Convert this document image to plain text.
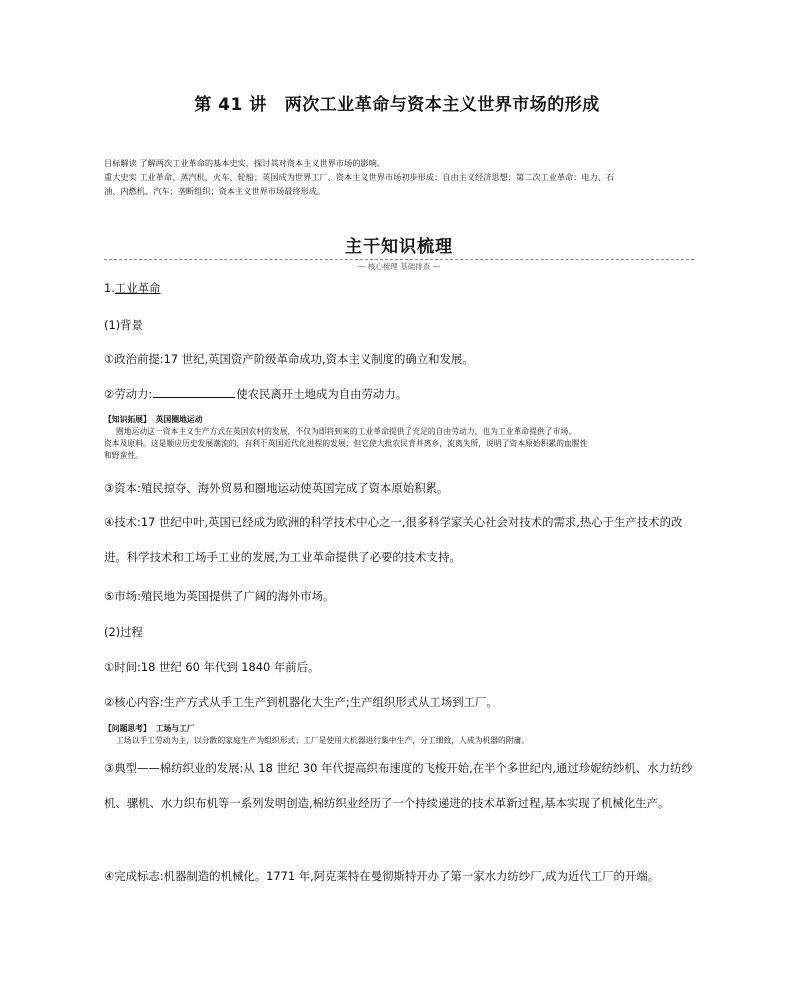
第 41 讲 两次工业革命与资本主义世界市场的形成

目标解读 了解两次工业革命的基本史实，探讨其对资本主义世界市场的影响。

重大史实 工业革命、蒸汽机、火车、轮船；英国成为世界工厂、资本主义世界市场初步形成；自由主义经济思想；第二次工业革命：电力、石

油、内燃机、汽车；垄断组织；资本主义世界市场最终形成。

主干知识梳理
— 核心梳理 基础排查 —
1.工业革命
(1)背景
①政治前提:17 世纪,英国资产阶级革命成功,资本主义制度的确立和发展。
②劳动力:	使农民离开土地成为自由劳动力。

【知识拓展】 英国圈地运动

圈地运动这一资本主义生产方式在英国农村的发展，不仅为即将到来的工业革命提供了充足的自由劳动力，也为工业革命提供了市场、

资本及原料。这是顺应历史发展潮流的，有利于英国近代化进程的发展；但它使大批农民背井离乡，流离失所，说明了资本原始积累的血腥性

和野蛮性。

③资本:殖民掠夺、海外贸易和圈地运动使英国完成了资本原始积累。
④技术:17 世纪中叶,英国已经成为欧洲的科学技术中心之一,很多科学家关心社会对技术的需求,热心于生产技术的改进。科学技术和工场手工业的发展,为工业革命提供了必要的技术支持。
⑤市场:殖民地为英国提供了广阔的海外市场。
(2)过程
①时间:18 世纪 60 年代到 1840 年前后。
②核心内容:生产方式从手工生产到机器化大生产;生产组织形式从工场到工厂。

【问题思考】 工场与工厂

工场以手工劳动为主，以分散的家庭生产为组织形式；工厂是使用大机器进行集中生产，分工细致，人成为机器的附庸。

③典型——棉纺织业的发展:从 18 世纪 30 年代提高织布速度的飞梭开始,在半个多世纪内,通过珍妮纺纱机、水力纺纱机、骡机、水力织布机等一系列发明创造,棉纺织业经历了一个持续递进的技术革新过程,基本实现了机械化生产。
④完成标志:机器制造的机械化。1771 年,阿克莱特在曼彻斯特开办了第一家水力纺纱厂,成为近代工厂的开端。
